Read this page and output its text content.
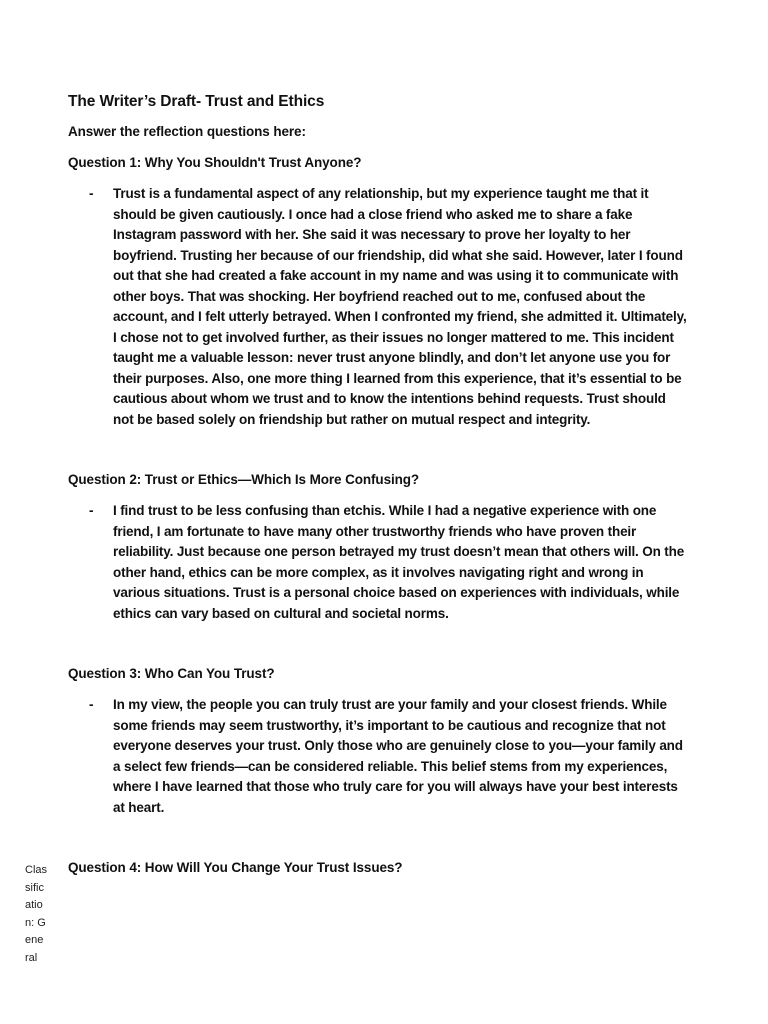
The Writer’s Draft- Trust and Ethics
Answer the reflection questions here:
Question 1: Why You Shouldn't Trust Anyone?
- Trust is a fundamental aspect of any relationship, but my experience taught me that it should be given cautiously. I once had a close friend who asked me to share a fake Instagram password with her. She said it was necessary to prove her loyalty to her boyfriend. Trusting her because of our friendship, did what she said. However, later I found out that she had created a fake account in my name and was using it to communicate with other boys. That was shocking. Her boyfriend reached out to me, confused about the account, and I felt utterly betrayed. When I confronted my friend, she admitted it. Ultimately, I chose not to get involved further, as their issues no longer mattered to me. This incident taught me a valuable lesson: never trust anyone blindly, and don’t let anyone use you for their purposes. Also, one more thing I learned from this experience, that it’s essential to be cautious about whom we trust and to know the intentions behind requests. Trust should not be based solely on friendship but rather on mutual respect and integrity.
Question 2: Trust or Ethics—Which Is More Confusing?
- I find trust to be less confusing than etchis. While I had a negative experience with one friend, I am fortunate to have many other trustworthy friends who have proven their reliability. Just because one person betrayed my trust doesn’t mean that others will. On the other hand, ethics can be more complex, as it involves navigating right and wrong in various situations. Trust is a personal choice based on experiences with individuals, while ethics can vary based on cultural and societal norms.
Question 3: Who Can You Trust?
- In my view, the people you can truly trust are your family and your closest friends. While some friends may seem trustworthy, it’s important to be cautious and recognize that not everyone deserves your trust. Only those who are genuinely close to you—your family and a select few friends—can be considered reliable. This belief stems from my experiences, where I have learned that those who truly care for you will always have your best interests at heart.
Question 4: How Will You Change Your Trust Issues?
Classification: General
